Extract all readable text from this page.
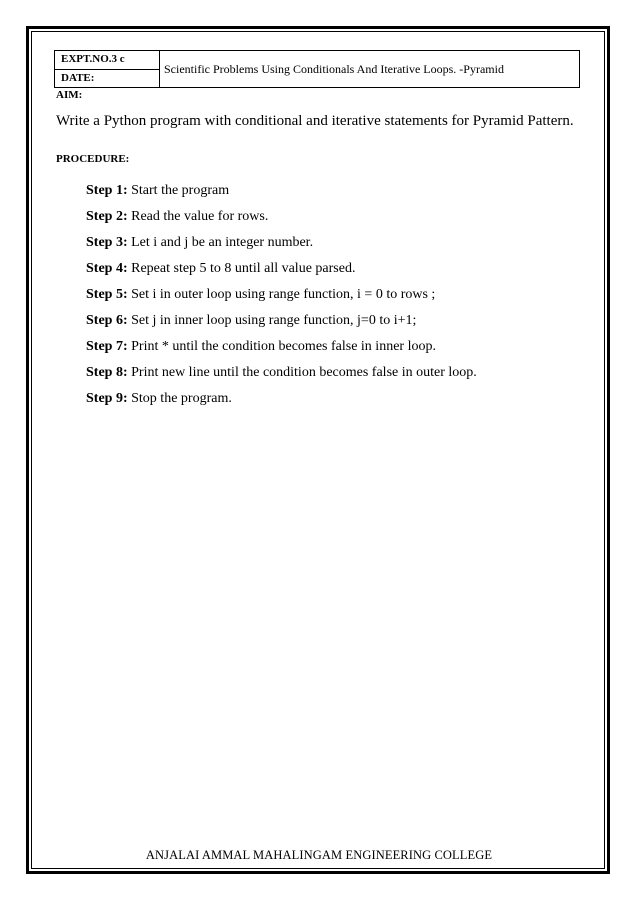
EXPT.NO.3 c	Scientific Problems Using Conditionals And Iterative Loops. -Pyramid
DATE:
AIM:
Write a Python program with conditional and iterative statements for Pyramid Pattern.
PROCEDURE:
Step 1: Start the program
Step 2: Read the value for rows.
Step 3: Let i and j be an integer number.
Step 4: Repeat step 5 to 8 until all value parsed.
Step 5: Set i in outer loop using range function, i = 0 to rows ;
Step 6: Set j in inner loop using range function, j=0 to i+1;
Step 7: Print * until the condition becomes false in inner loop.
Step 8: Print new line until the condition becomes false in outer loop.
Step 9: Stop the program.
ANJALAI AMMAL MAHALINGAM ENGINEERING COLLEGE
